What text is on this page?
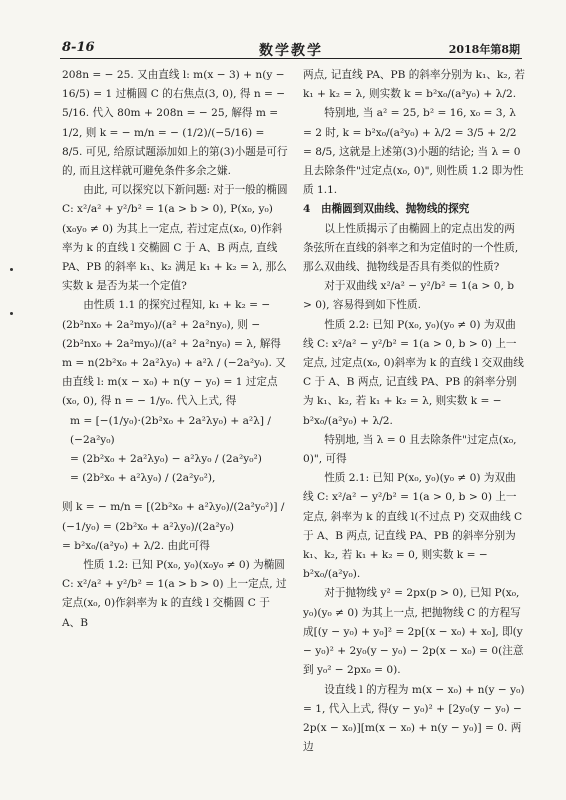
8-16	数学教学	2018年第8期

208n = − 25. 又由直线 l: m(x − 3) + n(y − 16/5) = 1 过椭圆 C 的右焦点(3, 0), 得 n = − 5/16. 代入 80m + 208n = − 25, 解得 m = 1/2, 则 k = − m/n = − (1/2)/(−5/16) = 8/5. 可见, 给原试题添加如上的第(3)小题是可行的, 而且这样就可避免条件多余之嫌.

由此, 可以探究以下新问题: 对于一般的椭圆 C: x²/a² + y²/b² = 1(a > b > 0), P(x₀, y₀)(x₀y₀ ≠ 0) 为其上一定点, 若过定点(x₀, 0)作斜率为 k 的直线 l 交椭圆 C 于 A、B 两点, 直线 PA、PB 的斜率 k₁、k₂ 满足 k₁ + k₂ = λ, 那么实数 k 是否为某一个定值?

由性质 1.1 的探究过程知, k₁ + k₂ = − (2b²nx₀ + 2a²my₀)/(a² + 2a²ny₀), 则 − (2b²nx₀ + 2a²my₀)/(a² + 2a²ny₀) = λ, 解得 m = n(2b²x₀ + 2a²λy₀) + a²λ / (−2a²y₀). 又由直线 l: m(x − x₀) + n(y − y₀) = 1 过定点(x₀, 0), 得 n = − 1/y₀. 代入上式, 得

m = [−(1/y₀)·(2b²x₀ + 2a²λy₀) + a²λ] / (−2a²y₀)

= (2b²x₀ + 2a²λy₀) − a²λy₀ / (2a²y₀²)

= (2b²x₀ + a²λy₀) / (2a²y₀²),

则 k = − m/n = [(2b²x₀ + a²λy₀)/(2a²y₀²)] / (−1/y₀) = (2b²x₀ + a²λy₀)/(2a²y₀)

= b²x₀/(a²y₀) + λ/2. 由此可得

性质 1.2: 已知 P(x₀, y₀)(x₀y₀ ≠ 0) 为椭圆 C: x²/a² + y²/b² = 1(a > b > 0) 上一定点, 过定点(x₀, 0)作斜率为 k 的直线 l 交椭圆 C 于 A、B

两点, 记直线 PA、PB 的斜率分别为 k₁、k₂, 若 k₁ + k₂ = λ, 则实数 k = b²x₀/(a²y₀) + λ/2.

特别地, 当 a² = 25, b² = 16, x₀ = 3, λ = 2 时, k = b²x₀/(a²y₀) + λ/2 = 3/5 + 2/2 = 8/5, 这就是上述第(3)小题的结论; 当 λ = 0 且去除条件"过定点(x₀, 0)", 则性质 1.2 即为性质 1.1.

4　由椭圆到双曲线、抛物线的探究

以上性质揭示了由椭圆上的定点出发的两条弦所在直线的斜率之和为定值时的一个性质, 那么双曲线、抛物线是否具有类似的性质?

对于双曲线 x²/a² − y²/b² = 1(a > 0, b > 0), 容易得到如下性质.

性质 2.2: 已知 P(x₀, y₀)(y₀ ≠ 0) 为双曲线 C: x²/a² − y²/b² = 1(a > 0, b > 0) 上一定点, 过定点(x₀, 0)斜率为 k 的直线 l 交双曲线 C 于 A、B 两点, 记直线 PA、PB 的斜率分别为 k₁、k₂, 若 k₁ + k₂ = λ, 则实数 k = − b²x₀/(a²y₀) + λ/2.

特别地, 当 λ = 0 且去除条件"过定点(x₀, 0)", 可得

性质 2.1: 已知 P(x₀, y₀)(y₀ ≠ 0) 为双曲线 C: x²/a² − y²/b² = 1(a > 0, b > 0) 上一定点, 斜率为 k 的直线 l(不过点 P) 交双曲线 C 于 A、B 两点, 记直线 PA、PB 的斜率分别为 k₁、k₂, 若 k₁ + k₂ = 0, 则实数 k = − b²x₀/(a²y₀).

对于抛物线 y² = 2px(p > 0), 已知 P(x₀, y₀)(y₀ ≠ 0) 为其上一点, 把抛物线 C 的方程写成[(y − y₀) + y₀]² = 2p[(x − x₀) + x₀], 即(y − y₀)² + 2y₀(y − y₀) − 2p(x − x₀) = 0(注意到 y₀² − 2px₀ = 0).

设直线 l 的方程为 m(x − x₀) + n(y − y₀) = 1, 代入上式, 得(y − y₀)² + [2y₀(y − y₀) − 2p(x − x₀)][m(x − x₀) + n(y − y₀)] = 0. 两边
